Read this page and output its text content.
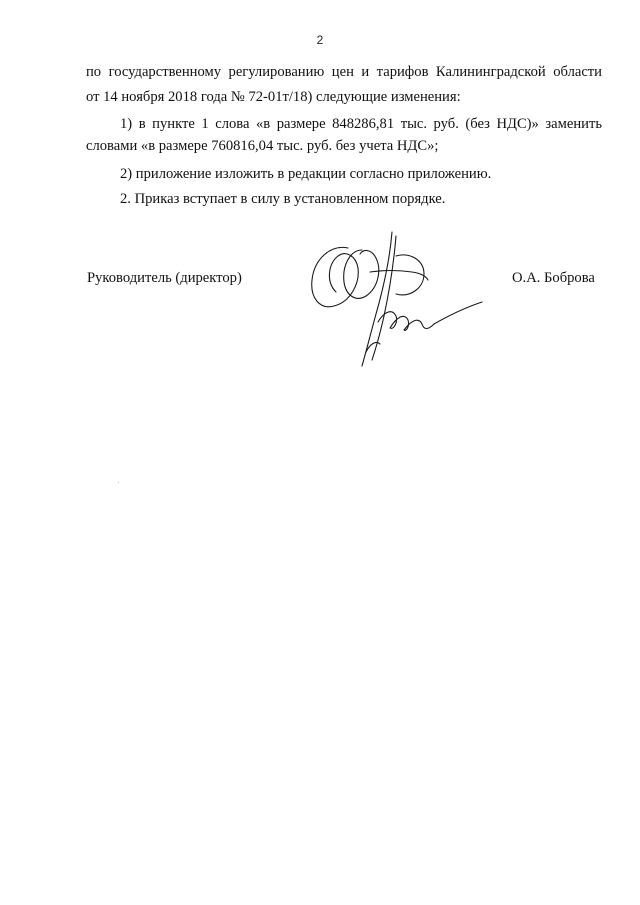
2
по государственному регулированию цен и тарифов Калининградской области
от 14 ноября 2018 года № 72-01т/18) следующие изменения:
1) в пункте 1 слова «в размере 848286,81 тыс. руб. (без НДС)» заменить
словами «в размере 760816,04 тыс. руб. без учета НДС»;
2) приложение изложить в редакции согласно приложению.
2. Приказ вступает в силу в установленном порядке.
Руководитель (директор)	О.А. Боброва
